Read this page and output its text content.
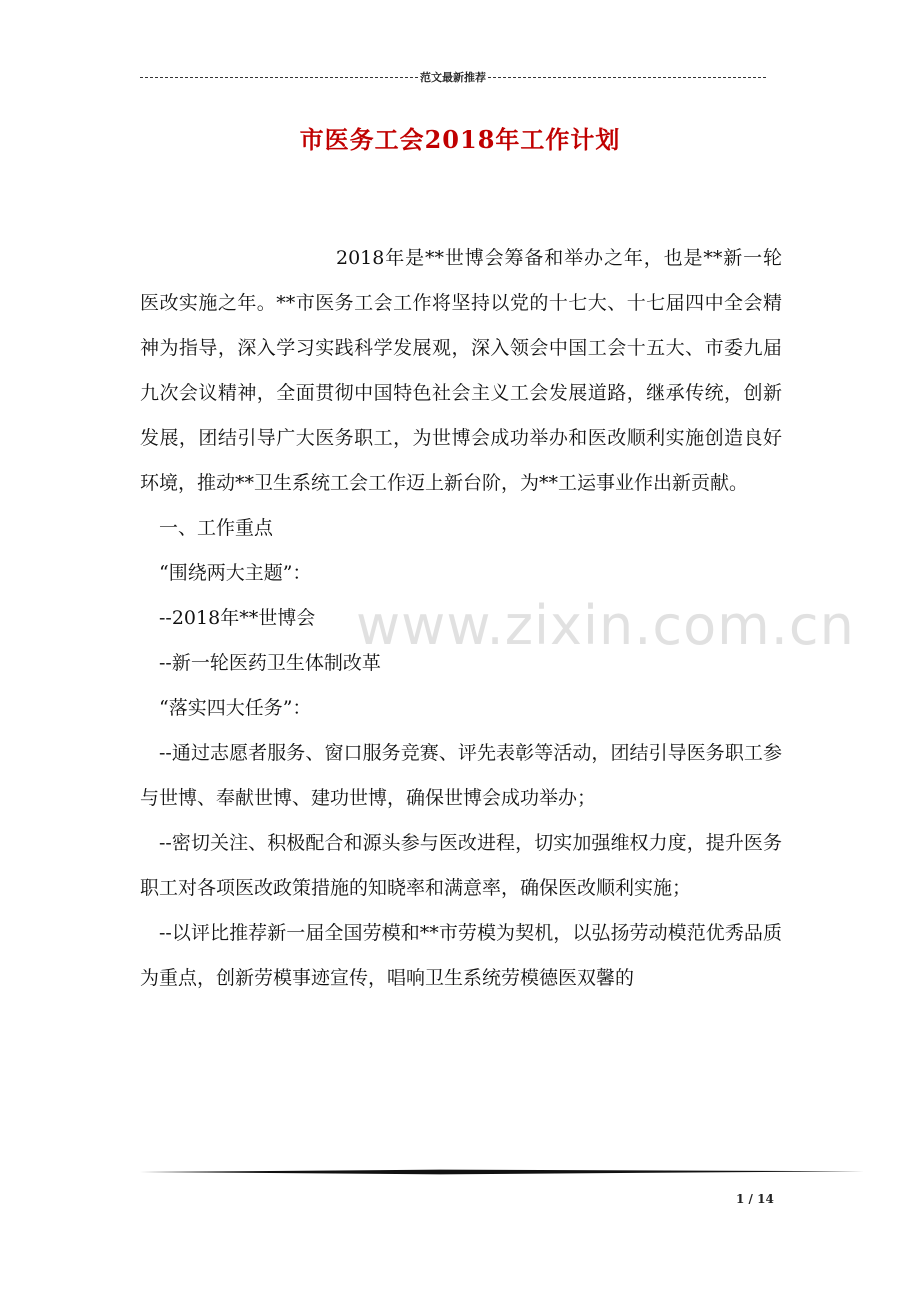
范文最新推荐
市医务工会2018年工作计划

2018年是**世博会筹备和举办之年，也是**新一轮医改实施之年。**市医务工会工作将坚持以党的十七大、十七届四中全会精神为指导，深入学习实践科学发展观，深入领会中国工会十五大、市委九届九次会议精神，全面贯彻中国特色社会主义工会发展道路，继承传统，创新发展，团结引导广大医务职工，为世博会成功举办和医改顺利实施创造良好环境，推动**卫生系统工会工作迈上新台阶，为**工运事业作出新贡献。

一、工作重点

“围绕两大主题”：

--2018年**世博会

--新一轮医药卫生体制改革

“落实四大任务”：

--通过志愿者服务、窗口服务竞赛、评先表彰等活动，团结引导医务职工参与世博、奉献世博、建功世博，确保世博会成功举办；

--密切关注、积极配合和源头参与医改进程，切实加强维权力度，提升医务职工对各项医改政策措施的知晓率和满意率，确保医改顺利实施；

--以评比推荐新一届全国劳模和**市劳模为契机，以弘扬劳动模范优秀品质为重点，创新劳模事迹宣传，唱响卫生系统劳模德医双馨的

www.zixin.com.cn
1 / 14
